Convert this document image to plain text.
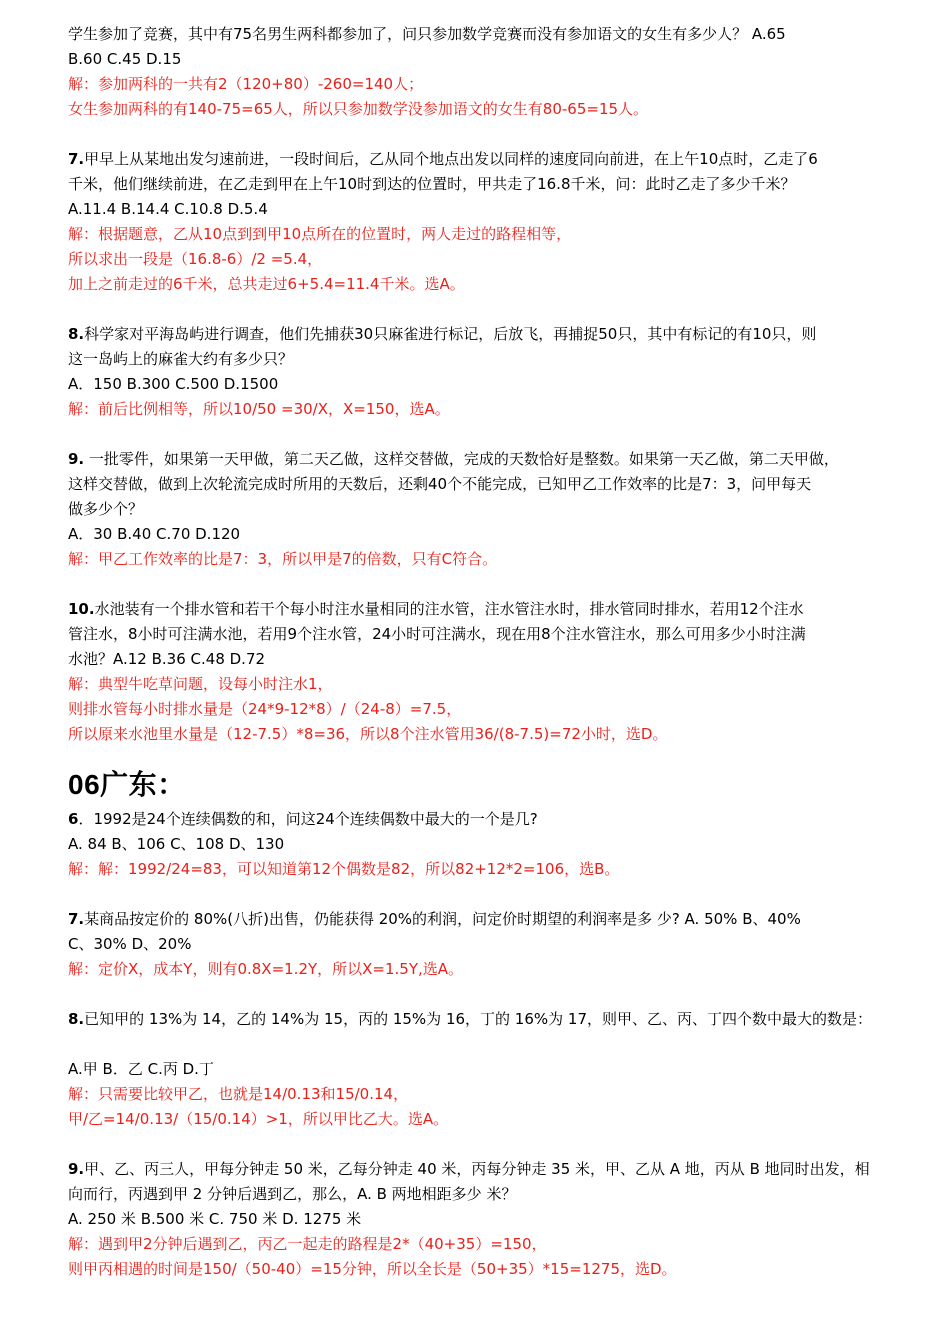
学生参加了竞赛，其中有75名男生两科都参加了，问只参加数学竞赛而没有参加语文的女生有多少人？ A.65
B.60 C.45 D.15
解：参加两科的一共有2（120+80）-260=140人；
女生参加两科的有140-75=65人，所以只参加数学没参加语文的女生有80-65=15人。
7.甲早上从某地出发匀速前进，一段时间后，乙从同个地点出发以同样的速度同向前进，在上午10点时，乙走了6
千米，他们继续前进，在乙走到甲在上午10时到达的位置时，甲共走了16.8千米，问：此时乙走了多少千米？
A.11.4 B.14.4 C.10.8 D.5.4
解：根据题意，乙从10点到到甲10点所在的位置时，两人走过的路程相等，
所以求出一段是（16.8-6）/2 =5.4，
加上之前走过的6千米，总共走过6+5.4=11.4千米。选A。
8.科学家对平海岛屿进行调查，他们先捕获30只麻雀进行标记，后放飞，再捕捉50只，其中有标记的有10只，则
这一岛屿上的麻雀大约有多少只？
A．150 B.300 C.500 D.1500
解：前后比例相等，所以10/50 =30/X，X=150，选A。
9. 一批零件，如果第一天甲做，第二天乙做，这样交替做，完成的天数恰好是整数。如果第一天乙做，第二天甲做，
这样交替做，做到上次轮流完成时所用的天数后，还剩40个不能完成，已知甲乙工作效率的比是7：3，问甲每天
做多少个？
A．30 B.40 C.70 D.120
解：甲乙工作效率的比是7：3，所以甲是7的倍数，只有C符合。
10.水池装有一个排水管和若干个每小时注水量相同的注水管，注水管注水时，排水管同时排水，若用12个注水
管注水，8小时可注满水池，若用9个注水管，24小时可注满水，现在用8个注水管注水，那么可用多少小时注满
水池？A.12 B.36 C.48 D.72
解：典型牛吃草问题，设每小时注水1，
则排水管每小时排水量是（24*9-12*8）/（24-8）=7.5，
所以原来水池里水量是（12-7.5）*8=36，所以8个注水管用36/(8-7.5)=72小时，选D。
06广东：
6．1992是24个连续偶数的和，问这24个连续偶数中最大的一个是几?
A. 84 B、106 C、108 D、130
解：解：1992/24=83，可以知道第12个偶数是82，所以82+12*2=106，选B。
7.某商品按定价的 80%(八折)出售，仍能获得 20%的利润，问定价时期望的利润率是多 少? A. 50% B、40%
C、30% D、20%
解：定价X，成本Y，则有0.8X=1.2Y，所以X=1.5Y,选A。
8.已知甲的 13%为 14，乙的 14%为 15，丙的 15%为 16，丁的 16%为 17，则甲、乙、丙、丁四个数中最大的数是：
A.甲 B．乙 C.丙 D.丁
解：只需要比较甲乙，也就是14/0.13和15/0.14，
甲/乙=14/0.13/（15/0.14）>1，所以甲比乙大。选A。
9.甲、乙、丙三人，甲每分钟走 50 米，乙每分钟走 40 米，丙每分钟走 35 米，甲、乙从 A 地，丙从 B 地同时出发，相
向而行，丙遇到甲 2 分钟后遇到乙，那么，A. B 两地相距多少 米？
A. 250 米 B.500 米 C. 750 米 D. 1275 米
解：遇到甲2分钟后遇到乙，丙乙一起走的路程是2*（40+35）=150，
则甲丙相遇的时间是150/（50-40）=15分钟，所以全长是（50+35）*15=1275，选D。
